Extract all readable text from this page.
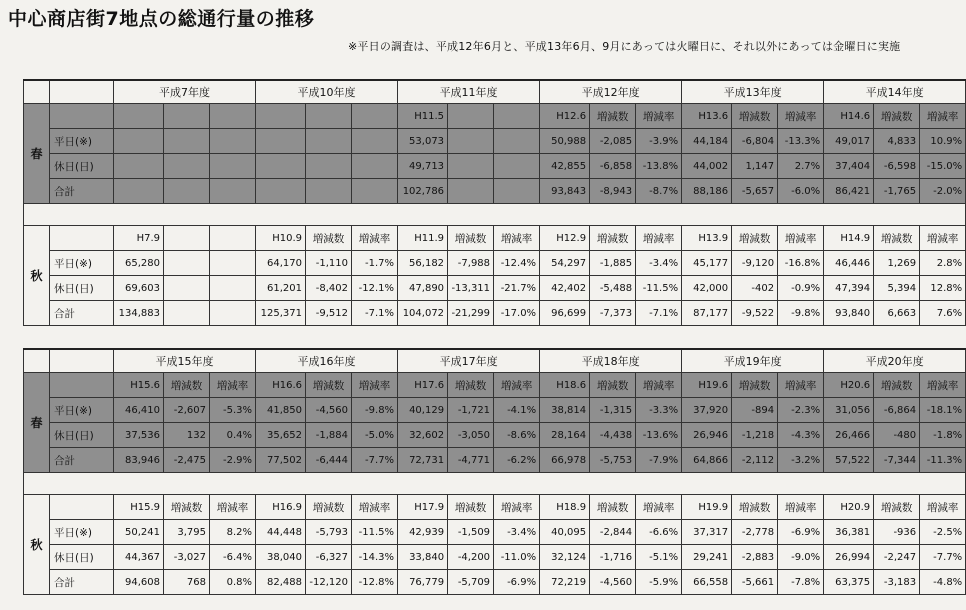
中心商店街7地点の総通行量の推移
※平日の調査は、平成12年6月と、平成13年6月、9月にあっては火曜日に、それ以外にあっては金曜日に実施
		平成7年度			平成10年度			平成11年度			平成12年度			平成13年度			平成14年度		
春								H11.5			H12.6	増減数	増減率	H13.6	増減数	増減率	H14.6	増減数	増減率
	平日(※)							53,073			50,988	-2,085	-3.9%	44,184	-6,804	-13.3%	49,017	4,833	10.9%
	休日(日)							49,713			42,855	-6,858	-13.8%	44,002	1,147	2.7%	37,404	-6,598	-15.0%
	合計							102,786			93,843	-8,943	-8.7%	88,186	-5,657	-6.0%	86,421	-1,765	-2.0%

秋		H7.9			H10.9	増減数	増減率	H11.9	増減数	増減率	H12.9	増減数	増減率	H13.9	増減数	増減率	H14.9	増減数	増減率
	平日(※)	65,280			64,170	-1,110	-1.7%	56,182	-7,988	-12.4%	54,297	-1,885	-3.4%	45,177	-9,120	-16.8%	46,446	1,269	2.8%
	休日(日)	69,603			61,201	-8,402	-12.1%	47,890	-13,311	-21.7%	42,402	-5,488	-11.5%	42,000	-402	-0.9%	47,394	5,394	12.8%
	合計	134,883			125,371	-9,512	-7.1%	104,072	-21,299	-17.0%	96,699	-7,373	-7.1%	87,177	-9,522	-9.8%	93,840	6,663	7.6%
		平成15年度			平成16年度			平成17年度			平成18年度			平成19年度			平成20年度		
春		H15.6	増減数	増減率	H16.6	増減数	増減率	H17.6	増減数	増減率	H18.6	増減数	増減率	H19.6	増減数	増減率	H20.6	増減数	増減率
	平日(※)	46,410	-2,607	-5.3%	41,850	-4,560	-9.8%	40,129	-1,721	-4.1%	38,814	-1,315	-3.3%	37,920	-894	-2.3%	31,056	-6,864	-18.1%
	休日(日)	37,536	132	0.4%	35,652	-1,884	-5.0%	32,602	-3,050	-8.6%	28,164	-4,438	-13.6%	26,946	-1,218	-4.3%	26,466	-480	-1.8%
	合計	83,946	-2,475	-2.9%	77,502	-6,444	-7.7%	72,731	-4,771	-6.2%	66,978	-5,753	-7.9%	64,866	-2,112	-3.2%	57,522	-7,344	-11.3%

秋		H15.9	増減数	増減率	H16.9	増減数	増減率	H17.9	増減数	増減率	H18.9	増減数	増減率	H19.9	増減数	増減率	H20.9	増減数	増減率
	平日(※)	50,241	3,795	8.2%	44,448	-5,793	-11.5%	42,939	-1,509	-3.4%	40,095	-2,844	-6.6%	37,317	-2,778	-6.9%	36,381	-936	-2.5%
	休日(日)	44,367	-3,027	-6.4%	38,040	-6,327	-14.3%	33,840	-4,200	-11.0%	32,124	-1,716	-5.1%	29,241	-2,883	-9.0%	26,994	-2,247	-7.7%
	合計	94,608	768	0.8%	82,488	-12,120	-12.8%	76,779	-5,709	-6.9%	72,219	-4,560	-5.9%	66,558	-5,661	-7.8%	63,375	-3,183	-4.8%
